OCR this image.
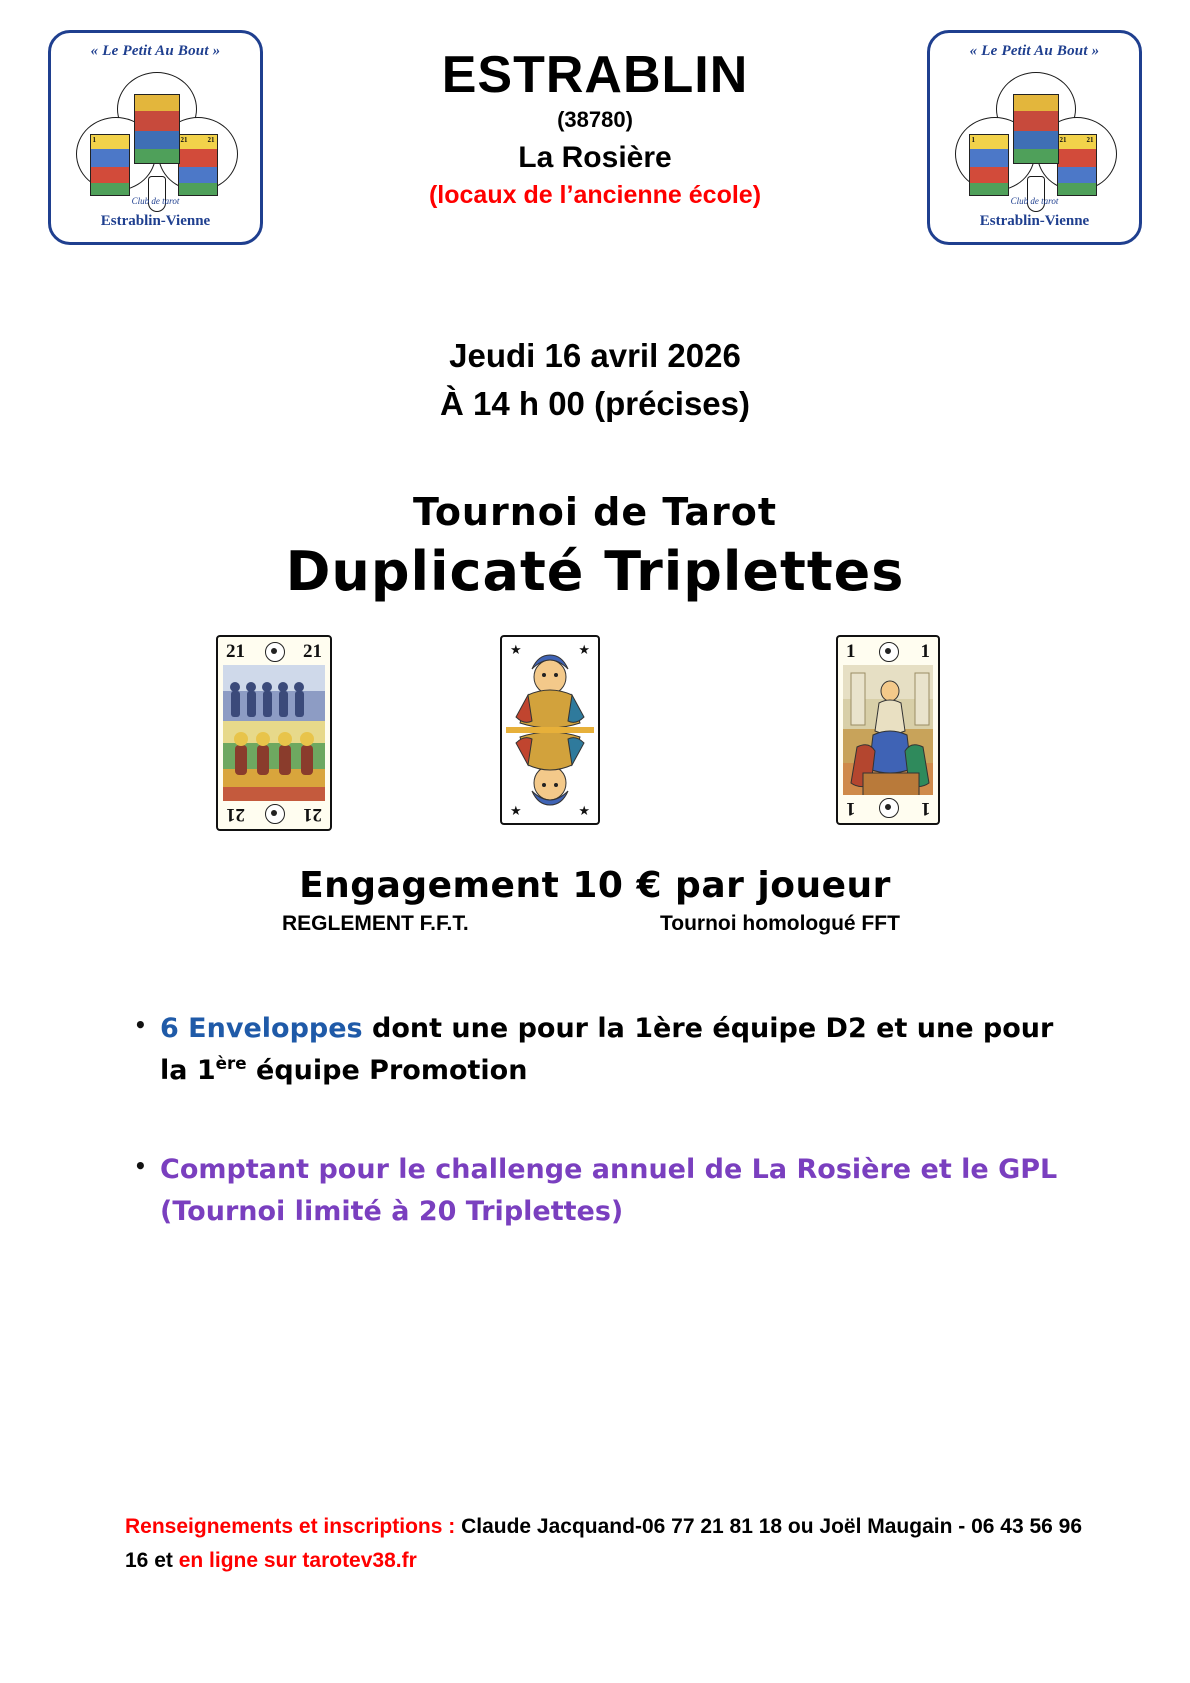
« Le Petit Au Bout »
1	21	21
Club de tarot
Estrablin-Vienne
« Le Petit Au Bout »
1	21	21
Club de tarot
Estrablin-Vienne
ESTRABLIN
(38780)
La Rosière
(locaux de l’ancienne école)
Jeudi 16 avril 2026
À 14 h 00 (précises)
Tournoi de Tarot
Duplicaté Triplettes
21	21
21	21
★	★
★	★
1	1
1	1
Engagement 10 € par joueur
REGLEMENT F.F.T.	Tournoi homologué FFT
• 6 Enveloppes dont une pour la 1ère équipe D2 et une pour la 1ère équipe Promotion
• Comptant pour le challenge annuel de La Rosière et le GPL (Tournoi limité à 20 Triplettes)
Renseignements et inscriptions : Claude Jacquand-06 77 21 81 18 ou Joël Maugain - 06 43 56 96 16 et en ligne sur tarotev38.fr
